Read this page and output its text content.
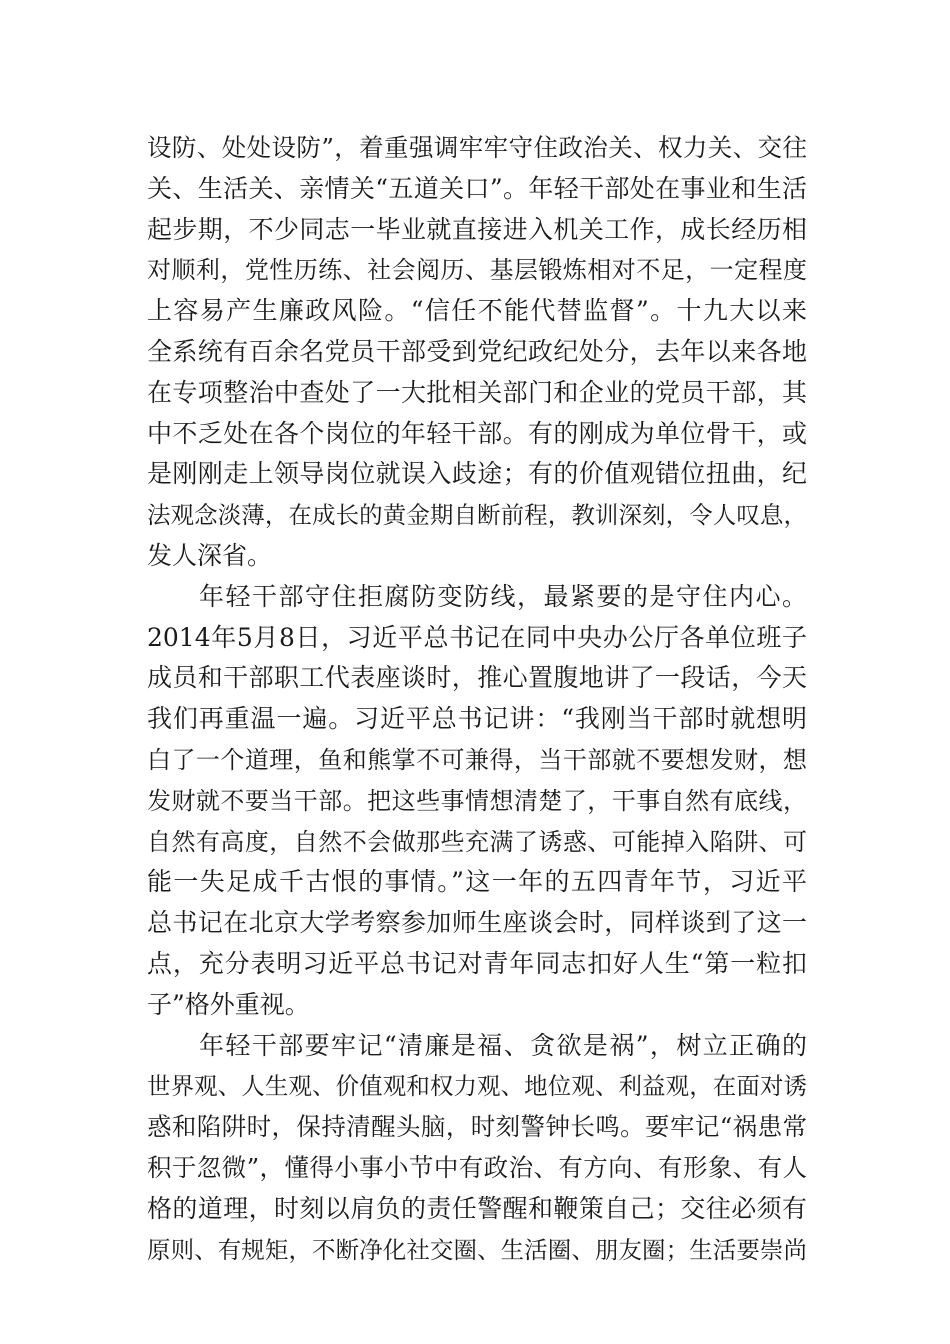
设防、处处设防”，着重强调牢牢守住政治关、权力关、交往
关、生活关、亲情关“五道关口”。年轻干部处在事业和生活
起步期，不少同志一毕业就直接进入机关工作，成长经历相
对顺利，党性历练、社会阅历、基层锻炼相对不足，一定程度
上容易产生廉政风险。“信任不能代替监督”。十九大以来
全系统有百余名党员干部受到党纪政纪处分，去年以来各地
在专项整治中查处了一大批相关部门和企业的党员干部，其
中不乏处在各个岗位的年轻干部。有的刚成为单位骨干，或
是刚刚走上领导岗位就误入歧途；有的价值观错位扭曲，纪
法观念淡薄，在成长的黄金期自断前程，教训深刻，令人叹息，
发人深省。
年轻干部守住拒腐防变防线，最紧要的是守住内心。
2014年5月8日，习近平总书记在同中央办公厅各单位班子
成员和干部职工代表座谈时，推心置腹地讲了一段话，今天
我们再重温一遍。习近平总书记讲：“我刚当干部时就想明
白了一个道理，鱼和熊掌不可兼得，当干部就不要想发财，想
发财就不要当干部。把这些事情想清楚了，干事自然有底线，
自然有高度，自然不会做那些充满了诱惑、可能掉入陷阱、可
能一失足成千古恨的事情。”这一年的五四青年节，习近平
总书记在北京大学考察参加师生座谈会时，同样谈到了这一
点，充分表明习近平总书记对青年同志扣好人生“第一粒扣
子”格外重视。
年轻干部要牢记“清廉是福、贪欲是祸”，树立正确的
世界观、人生观、价值观和权力观、地位观、利益观，在面对诱
惑和陷阱时，保持清醒头脑，时刻警钟长鸣。要牢记“祸患常
积于忽微”，懂得小事小节中有政治、有方向、有形象、有人
格的道理，时刻以肩负的责任警醒和鞭策自己；交往必须有
原则、有规矩，不断净化社交圈、生活圈、朋友圈；生活要崇尚
